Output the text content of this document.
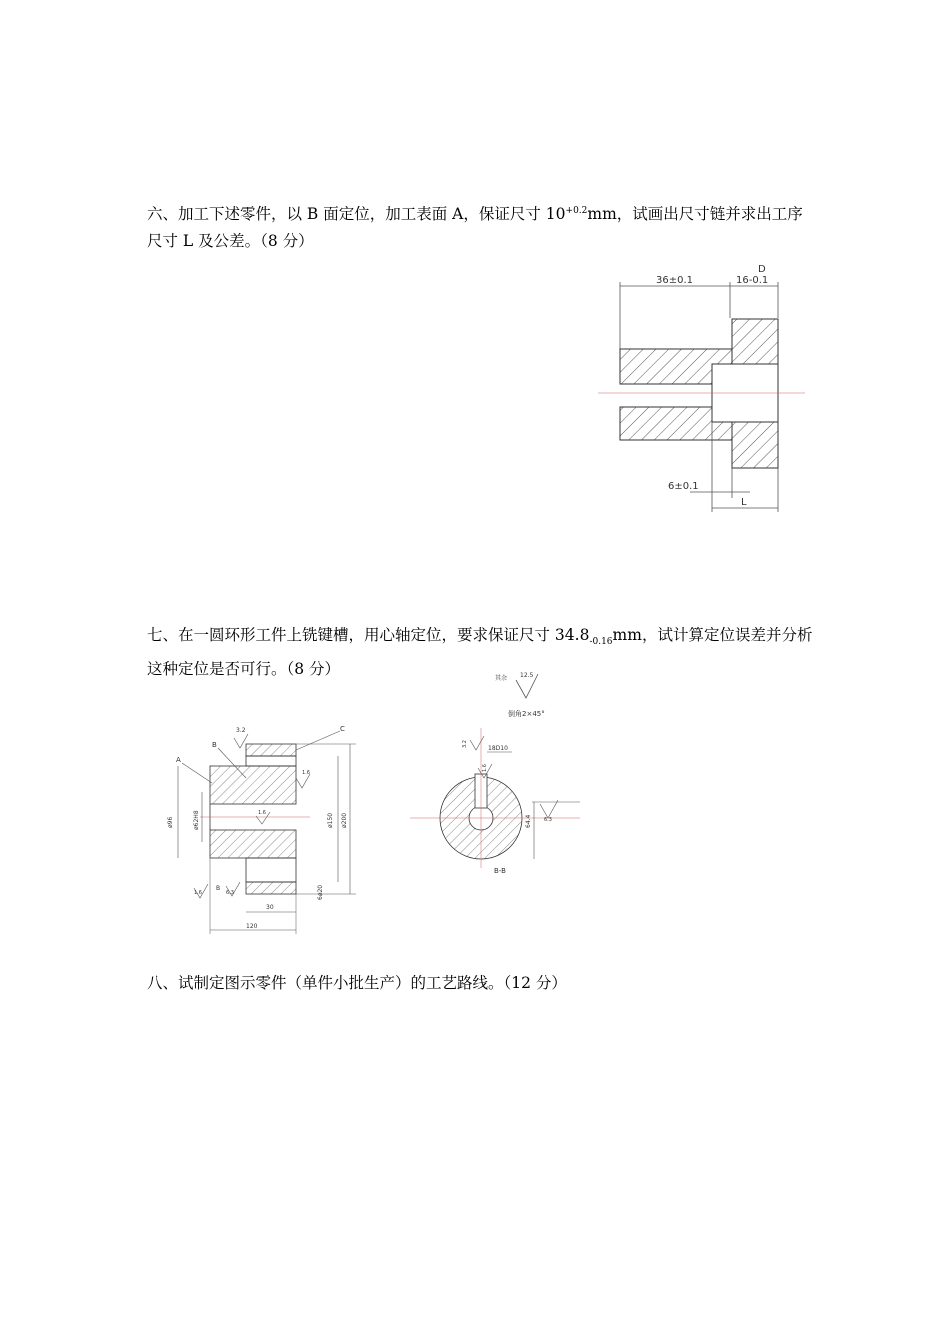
六、加工下述零件，以 B 面定位，加工表面 A，保证尺寸 $10^{+0.2}mm$，试画出尺寸链并求出工序尺寸 L 及公差。（8 分）
36±0.1
D
16-0.1
6±0.1
L
七、在一圆环形工件上铣键槽，用心轴定位，要求保证尺寸 $34.8_{-0.16}mm$，试计算定位误差并分析这种定位是否可行。（8 分）
其余 12.5
倒角2×45°
A
B
C
3.2
1.6
1.6
6.3
1.6
B
ø96	ø62H8	ø150 ø200
6ø20
30
120
18D10
3.2
1.6
64.4 6.3
B-B
八、试制定图示零件（单件小批生产）的工艺路线。（12 分）
